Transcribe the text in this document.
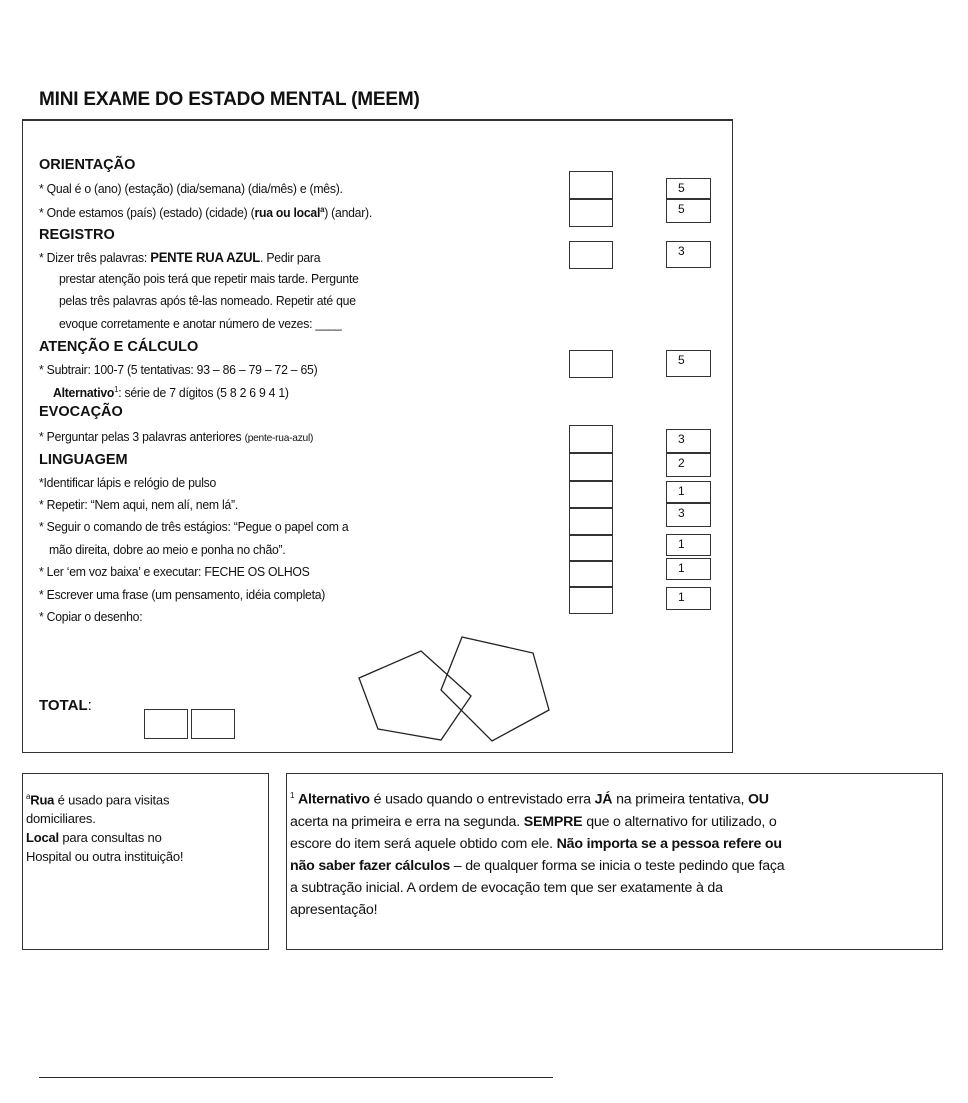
MINI EXAME DO ESTADO MENTAL (MEEM)
ORIENTAÇÃO
REGISTRO
ATENÇÃO E CÁLCULO
EVOCAÇÃO
LINGUAGEM
* Qual é o (ano) (estação) (dia/semana) (dia/mês) e (mês).
* Onde estamos (país) (estado) (cidade) (rua ou local$^a$) (andar).
* Dizer três palavras: PENTE RUA AZUL. Pedir para
prestar atenção pois terá que repetir mais tarde. Pergunte
pelas três palavras após tê-las nomeado. Repetir até que
evoque corretamente e anotar número de vezes: ____
* Subtrair: 100-7 (5 tentativas: 93 – 86 – 79 – 72 – 65)
Alternativo$^1$: série de 7 dígitos (5 8 2 6 9 4 1)
* Perguntar pelas 3 palavras anteriores (pente-rua-azul)
*Identificar lápis e relógio de pulso
* Repetir: “Nem aqui, nem alí, nem lá”.
* Seguir o comando de três estágios: “Pegue o papel com a
mão direita, dobre ao meio e ponha no chão”.
* Ler ‘em voz baixa’ e executar: FECHE OS OLHOS
* Escrever uma frase (um pensamento, idéia completa)
* Copiar o desenho:
5
5
3
5
3
2
1
3
1
1
1
TOTAL:
$^a$Rua é usado para visitas
domiciliares.
Local para consultas no
Hospital ou outra instituição!
$^1$ Alternativo é usado quando o entrevistado erra JÁ na primeira tentativa, OU
acerta na primeira e erra na segunda. SEMPRE que o alternativo for utilizado, o
escore do item será aquele obtido com ele. Não importa se a pessoa refere ou
não saber fazer cálculos – de qualquer forma se inicia o teste pedindo que faça
a subtração inicial. A ordem de evocação tem que ser exatamente à da
apresentação!
